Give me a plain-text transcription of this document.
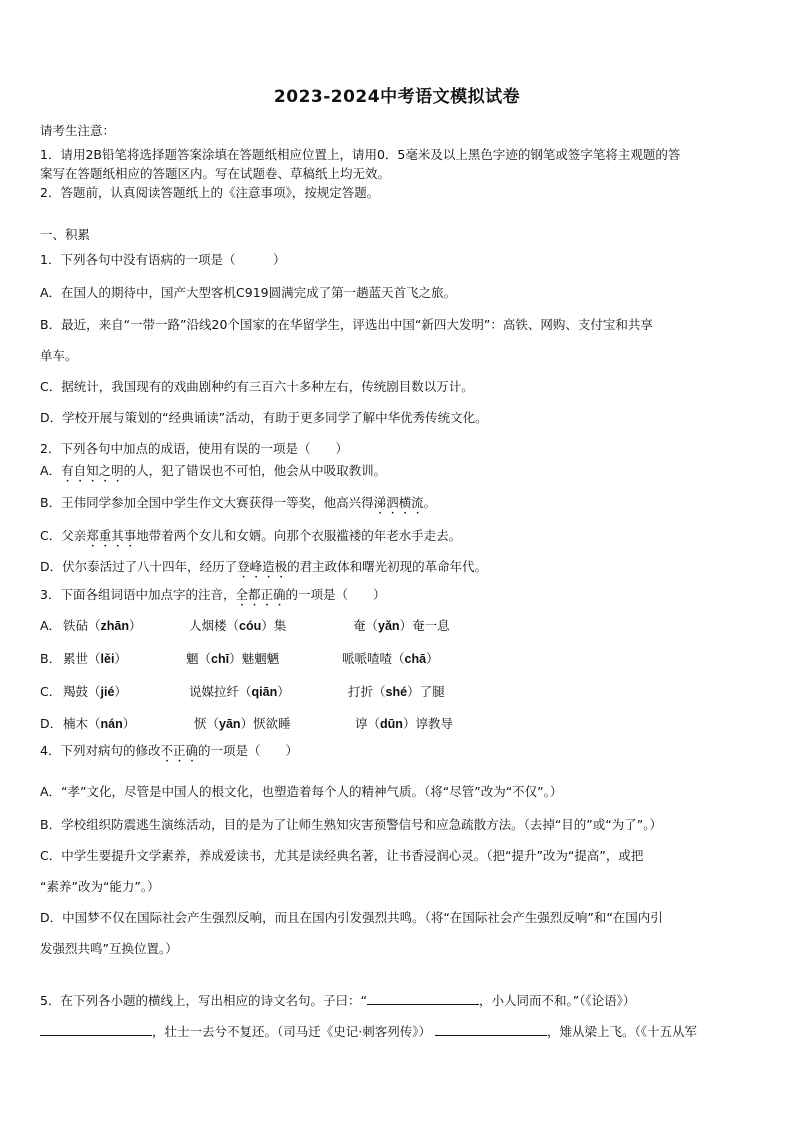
2023-2024中考语文模拟试卷
请考生注意：
1．请用2B铅笔将选择题答案涂填在答题纸相应位置上，请用0．5毫米及以上黑色字迹的钢笔或签字笔将主观题的答
案写在答题纸相应的答题区内。写在试题卷、草稿纸上均无效。
2．答题前，认真阅读答题纸上的《注意事项》，按规定答题。
一、积累
1．下列各句中没有语病的一项是（　　　）
A．在国人的期待中，国产大型客机C919圆满完成了第一趟蓝天首飞之旅。
B．最近，来自“一带一路”沿线20个国家的在华留学生，评选出中国“新四大发明”：高铁、网购、支付宝和共享
单车。
C．据统计，我国现有的戏曲剧种约有三百六十多种左右，传统剧目数以万计。
D．学校开展与策划的“经典诵读”活动，有助于更多同学了解中华优秀传统文化。
2．下列各句中加点的成语，使用有误的一项是（　　）
A．有自知之明的人，犯了错误也不可怕，他会从中吸取教训。
B．王伟同学参加全国中学生作文大赛获得一等奖，他高兴得涕泗横流。
C．父亲郑重其事地带着两个女儿和女婿。向那个衣服褴褛的年老水手走去。
D．伏尔泰活过了八十四年，经历了登峰造极的君主政体和曙光初现的革命年代。
3．下面各组词语中加点字的注音，全都正确的一项是（　　）
A． 铁砧（zhān）	人烟楼（cóu）集	奄（yǎn）奄一息
B． 累世（lěi）	魍（chī）魅魍魉	哌哌喳喳（chā）
C． 羯鼓（jié）	说媒拉纤（qiān）	打折（shé）了腿
D． 楠木（nán）	恹（yān）恹欲睡	谆（dūn）谆教导
4．下列对病句的修改不正确的一项是（　　）
A．“孝”文化，尽管是中国人的根文化，也塑造着每个人的精神气质。（将“尽管”改为“不仅”。）
B．学校组织防震逃生演练活动，目的是为了让师生熟知灾害预警信号和应急疏散方法。（去掉“目的”或“为了”。）
C．中学生要提升文学素养，养成爱读书，尤其是读经典名著，让书香浸润心灵。（把“提升”改为“提高”，或把
“素养”改为“能力”。）
D．中国梦不仅在国际社会产生强烈反响，而且在国内引发强烈共鸣。（将“在国际社会产生强烈反响”和“在国内引
发强烈共鸣”互换位置。）
5．在下列各小题的横线上，写出相应的诗文名句。子曰：“	，小人同而不和。”（《论语》）
，壮士一去兮不复还。（司马迁《史记·刺客列传》）	，雉从梁上飞。（《十五从军
